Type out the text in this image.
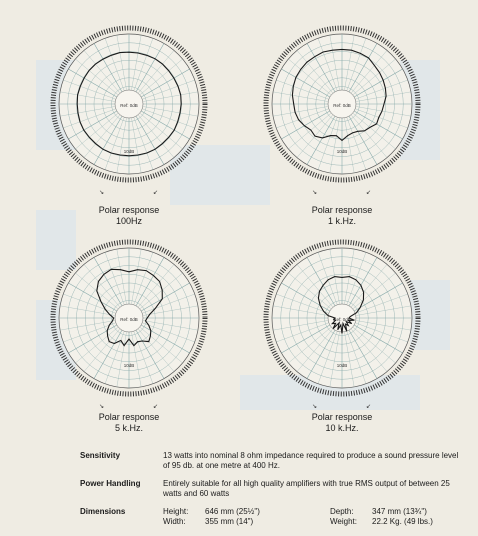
Ref: 0dB
10dB
↘	↙
Polar response
100Hz
Ref: 0dB
10dB
↘	↙
Polar response
1 k.Hz.
Ref: 0dB
10dB
↘	↙
Polar response
5 k.Hz.
Ref: 0dB
10dB
↘	↙
Polar response
10 k.Hz.
Sensitivity	13 watts into nominal 8 ohm impedance required to produce a sound pressure level of 95 db. at one metre at 400 Hz.
Power Handling	Entirely suitable for all high quality amplifiers with true RMS output of between 25 watts and 60 watts
Dimensions	Height: 646 mm (25½")
Width: 355 mm (14")
Depth: 347 mm (13¾")
Weight: 22.2 Kg. (49 lbs.)
